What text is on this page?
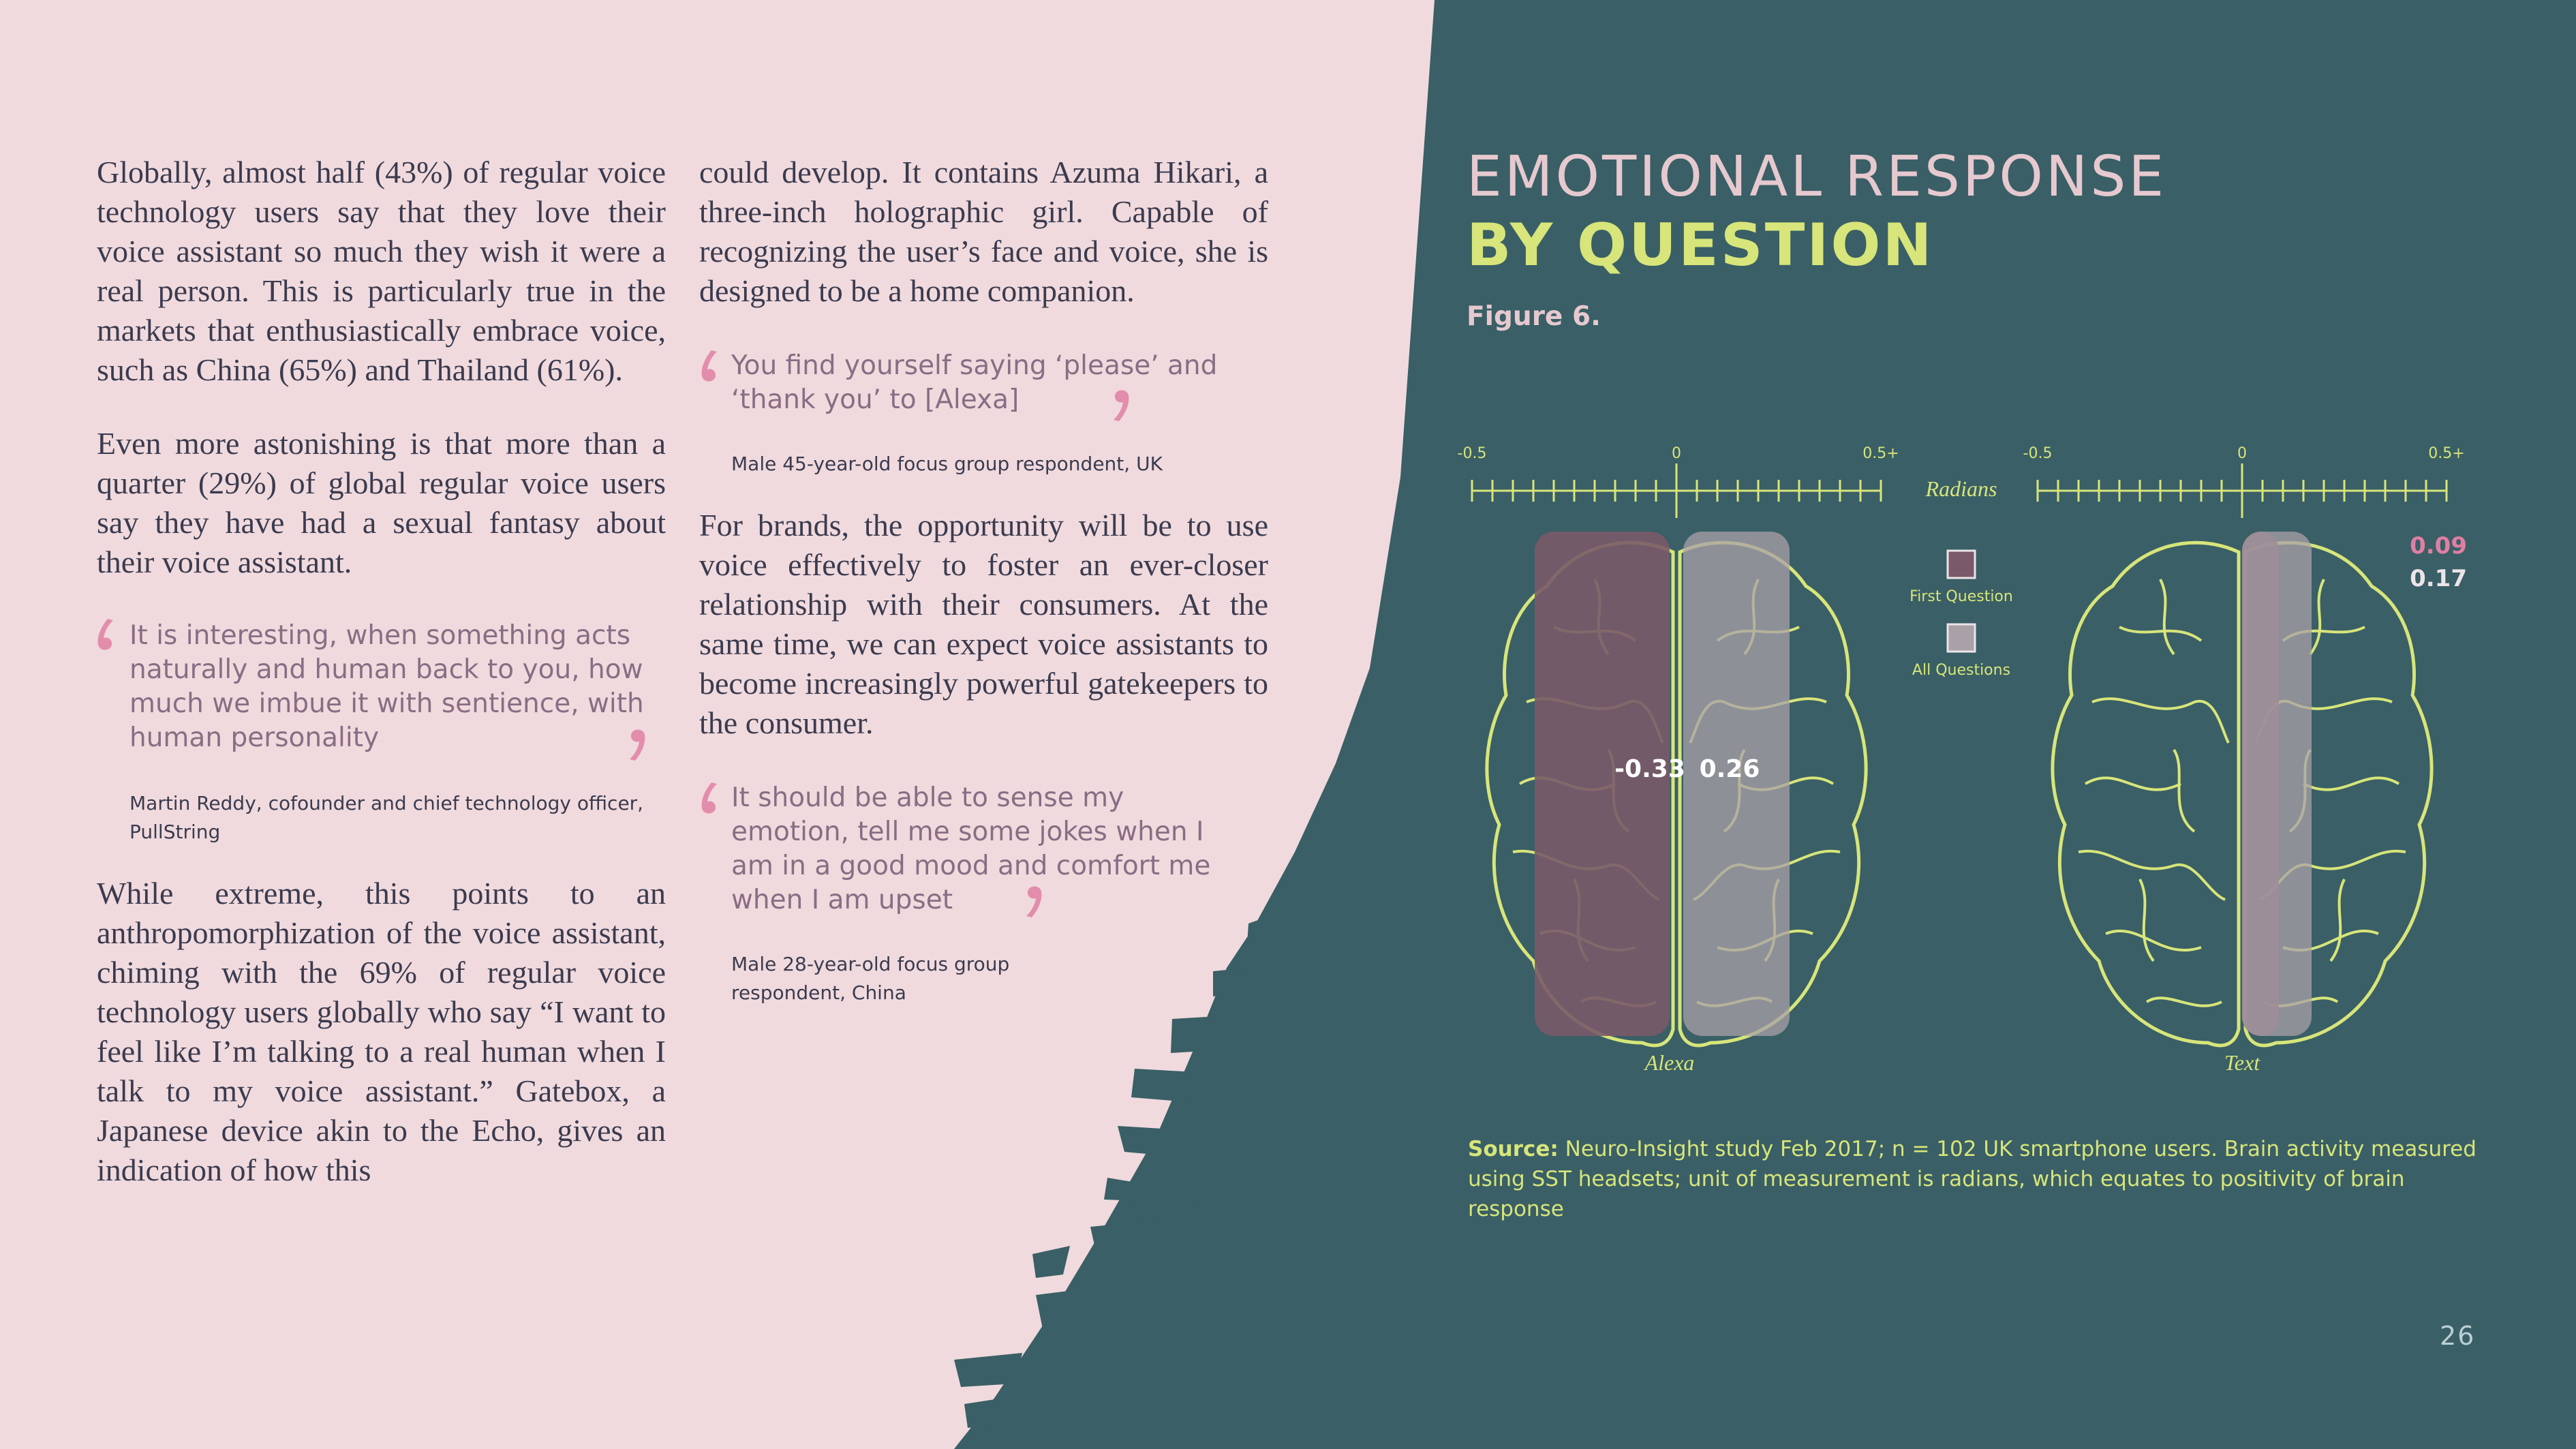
Globally, almost half (43%) of regular voice technology users say that they love their voice assistant so much they wish it were a real person. This is particularly true in the markets that enthusiastically embrace voice, such as China (65%) and Thailand (61%).

Even more astonishing is that more than a quarter (29%) of global regular voice users say they have had a sexual fantasy about their voice assistant.

It is interesting, when something acts naturally and human back to you, how much we imbue it with sentience, with human personality
Martin Reddy, cofounder and chief technology officer, PullString

While extreme, this points to an anthropomorphization of the voice assistant, chiming with the 69% of regular voice technology users globally who say “I want to feel like I’m talking to a real human when I talk to my voice assistant.” Gatebox, a Japanese device akin to the Echo, gives an indication of how this

could develop. It contains Azuma Hikari, a three-inch holographic girl. Capable of recognizing the user’s face and voice, she is designed to be a home companion.

You find yourself saying ‘please’ and ‘thank you’ to [Alexa]
Male 45-year-old focus group respondent, UK

For brands, the opportunity will be to use voice effectively to foster an ever-closer relationship with their consumers. At the same time, we can expect voice assistants to become increasingly powerful gatekeepers to the consumer.

It should be able to sense my emotion, tell me some jokes when I am in a good mood and comfort me when I am upset
Male 28-year-old focus group respondent, China
EMOTIONAL RESPONSE
BY QUESTION
Figure 6.
-0.5	0	0.5+
-0.33 0.26
Alexa
-0.5	0	0.5+
0.09
0.17
Text
Radians
First Question
All Questions
Source: Neuro-Insight study Feb 2017; n = 102 UK smartphone users. Brain activity measured using SST headsets; unit of measurement is radians, which equates to positivity of brain response
26
